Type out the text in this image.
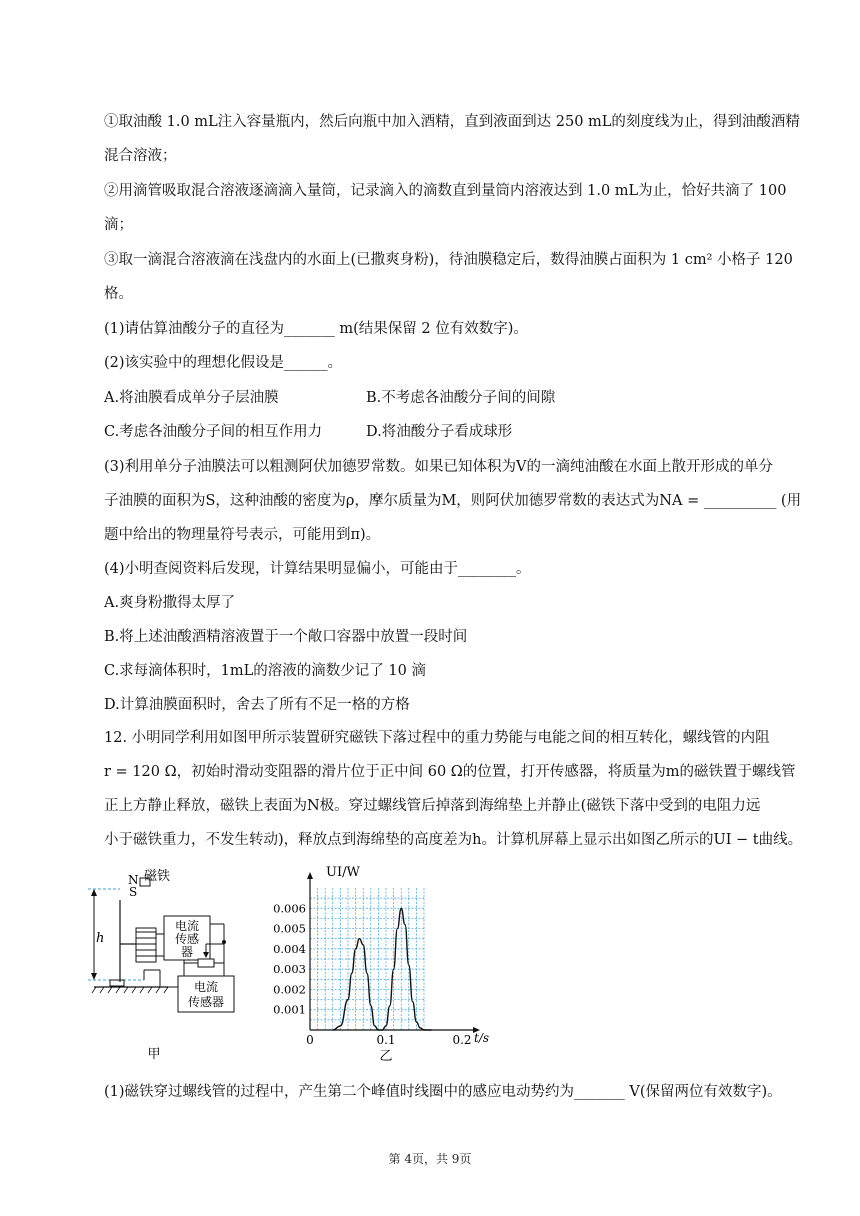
①取油酸 1.0 mL注入容量瓶内，然后向瓶中加入酒精，直到液面到达 250 mL的刻度线为止，得到油酸酒精
混合溶液；
②用滴管吸取混合溶液逐滴滴入量筒，记录滴入的滴数直到量筒内溶液达到 1.0 mL为止，恰好共滴了 100
滴；
③取一滴混合溶液滴在浅盘内的水面上(已撒爽身粉)，待油膜稳定后，数得油膜占面积为 1 cm² 小格子 120
格。
(1)请估算油酸分子的直径为_______ m(结果保留 2 位有效数字)。
(2)该实验中的理想化假设是______。
A.将油膜看成单分子层油膜	B.不考虑各油酸分子间的间隙
C.考虑各油酸分子间的相互作用力	D.将油酸分子看成球形
(3)利用单分子油膜法可以粗测阿伏加德罗常数。如果已知体积为V的一滴纯油酸在水面上散开形成的单分
子油膜的面积为S，这种油酸的密度为ρ，摩尔质量为M，则阿伏加德罗常数的表达式为NA = __________ (用
题中给出的物理量符号表示，可能用到π)。
(4)小明查阅资料后发现，计算结果明显偏小，可能由于________。
A.爽身粉撒得太厚了
B.将上述油酸酒精溶液置于一个敞口容器中放置一段时间
C.求每滴体积时，1mL的溶液的滴数少记了 10 滴
D.计算油膜面积时，舍去了所有不足一格的方格
12. 小明同学利用如图甲所示装置研究磁铁下落过程中的重力势能与电能之间的相互转化，螺线管的内阻
r = 120 Ω，初始时滑动变阻器的滑片位于正中间 60 Ω的位置，打开传感器，将质量为m的磁铁置于螺线管
正上方静止释放，磁铁上表面为N极。穿过螺线管后掉落到海绵垫上并静止(磁铁下落中受到的电阻力远
小于磁铁重力，不发生转动)，释放点到海绵垫的高度差为h。计算机屏幕上显示出如图乙所示的UI − t曲线。
h
N
S
磁铁
电流
传感
器
电流
传感器
甲
0	0.1	0.2
0.001
0.002
0.003
0.004
0.005
0.006
UI/W
t/s
乙
(1)磁铁穿过螺线管的过程中，产生第二个峰值时线圈中的感应电动势约为_______ V(保留两位有效数字)。
第 4页，共 9页
